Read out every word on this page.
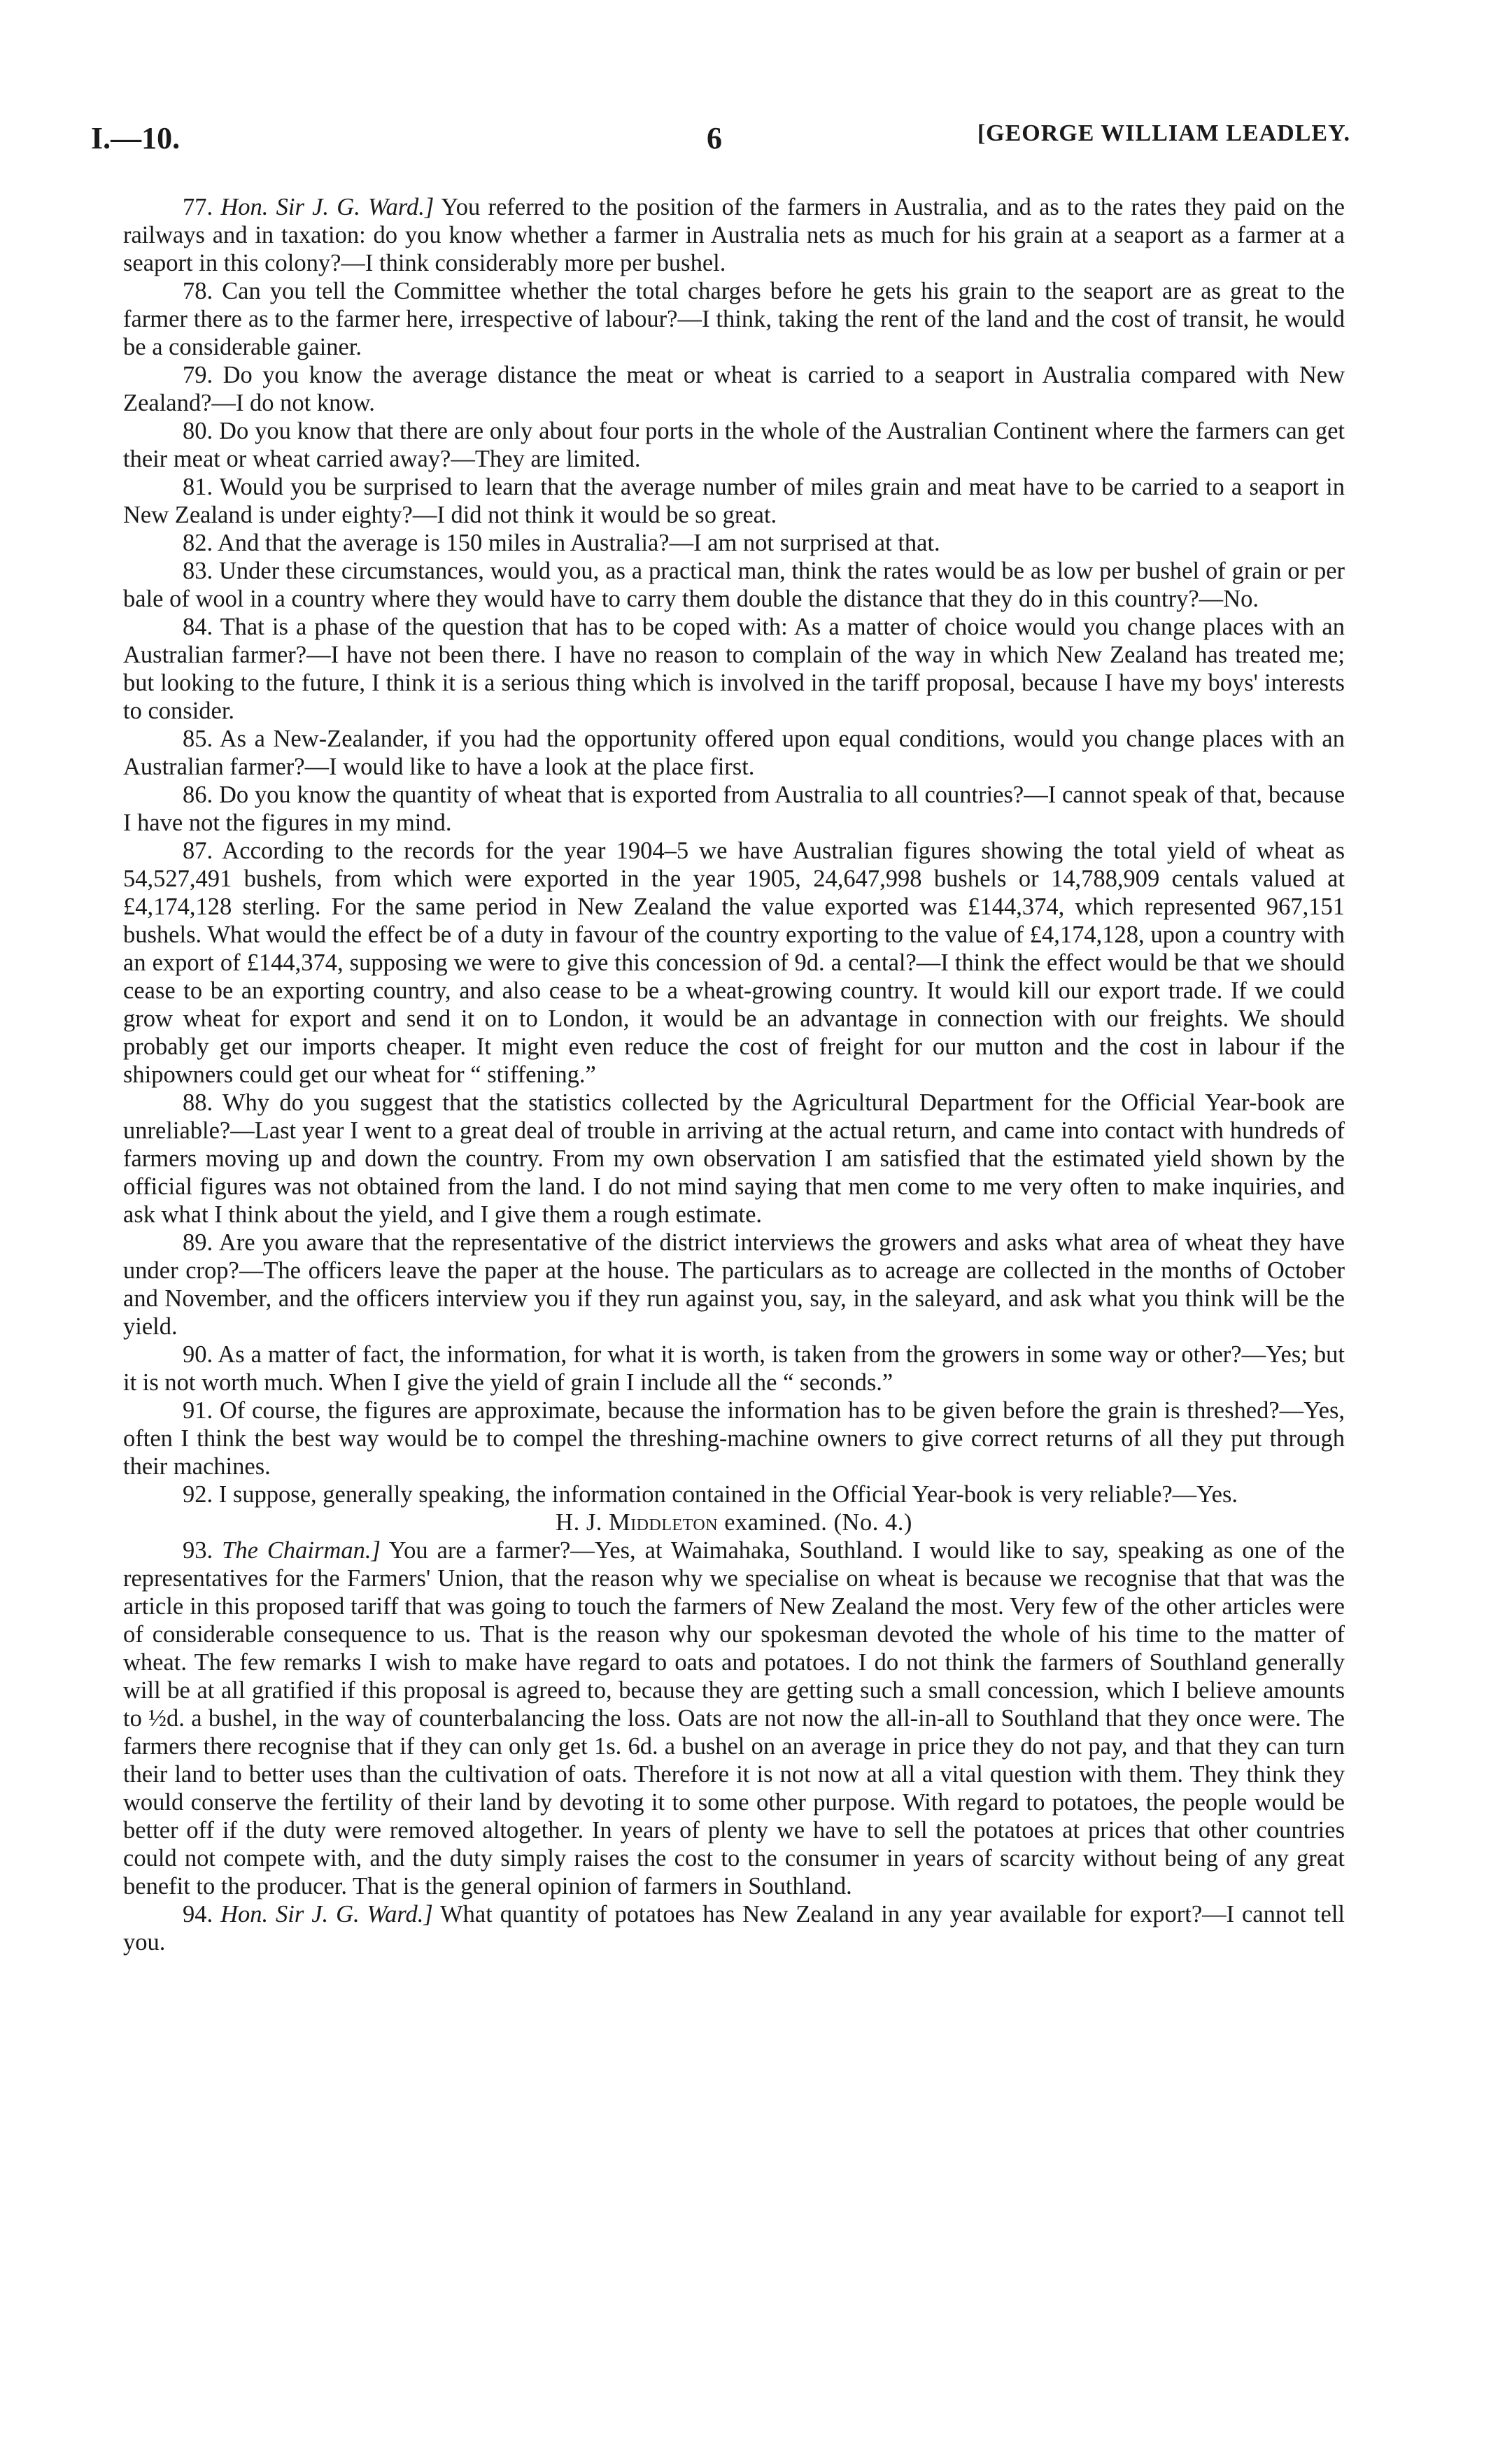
I.—10.	6	[GEORGE WILLIAM LEADLEY.

77. Hon. Sir J. G. Ward.] You referred to the position of the farmers in Australia, and as to the rates they paid on the railways and in taxation: do you know whether a farmer in Australia nets as much for his grain at a seaport as a farmer at a seaport in this colony?—I think considerably more per bushel.

78. Can you tell the Committee whether the total charges before he gets his grain to the seaport are as great to the farmer there as to the farmer here, irrespective of labour?—I think, taking the rent of the land and the cost of transit, he would be a considerable gainer.

79. Do you know the average distance the meat or wheat is carried to a seaport in Australia compared with New Zealand?—I do not know.

80. Do you know that there are only about four ports in the whole of the Australian Continent where the farmers can get their meat or wheat carried away?—They are limited.

81. Would you be surprised to learn that the average number of miles grain and meat have to be carried to a seaport in New Zealand is under eighty?—I did not think it would be so great.

82. And that the average is 150 miles in Australia?—I am not surprised at that.

83. Under these circumstances, would you, as a practical man, think the rates would be as low per bushel of grain or per bale of wool in a country where they would have to carry them double the distance that they do in this country?—No.

84. That is a phase of the question that has to be coped with: As a matter of choice would you change places with an Australian farmer?—I have not been there. I have no reason to complain of the way in which New Zealand has treated me; but looking to the future, I think it is a serious thing which is involved in the tariff proposal, because I have my boys' interests to consider.

85. As a New-Zealander, if you had the opportunity offered upon equal conditions, would you change places with an Australian farmer?—I would like to have a look at the place first.

86. Do you know the quantity of wheat that is exported from Australia to all countries?—I cannot speak of that, because I have not the figures in my mind.

87. According to the records for the year 1904–5 we have Australian figures showing the total yield of wheat as 54,527,491 bushels, from which were exported in the year 1905, 24,647,998 bushels or 14,788,909 centals valued at £4,174,128 sterling. For the same period in New Zealand the value exported was £144,374, which represented 967,151 bushels. What would the effect be of a duty in favour of the country exporting to the value of £4,174,128, upon a country with an export of £144,374, supposing we were to give this concession of 9d. a cental?—I think the effect would be that we should cease to be an exporting country, and also cease to be a wheat-growing country. It would kill our export trade. If we could grow wheat for export and send it on to London, it would be an advantage in connection with our freights. We should probably get our imports cheaper. It might even reduce the cost of freight for our mutton and the cost in labour if the shipowners could get our wheat for “ stiffening.”

88. Why do you suggest that the statistics collected by the Agricultural Department for the Official Year-book are unreliable?—Last year I went to a great deal of trouble in arriving at the actual return, and came into contact with hundreds of farmers moving up and down the country. From my own observation I am satisfied that the estimated yield shown by the official figures was not obtained from the land. I do not mind saying that men come to me very often to make inquiries, and ask what I think about the yield, and I give them a rough estimate.

89. Are you aware that the representative of the district interviews the growers and asks what area of wheat they have under crop?—The officers leave the paper at the house. The particulars as to acreage are collected in the months of October and November, and the officers interview you if they run against you, say, in the saleyard, and ask what you think will be the yield.

90. As a matter of fact, the information, for what it is worth, is taken from the growers in some way or other?—Yes; but it is not worth much. When I give the yield of grain I include all the “ seconds.”

91. Of course, the figures are approximate, because the information has to be given before the grain is threshed?—Yes, often I think the best way would be to compel the threshing-machine owners to give correct returns of all they put through their machines.

92. I suppose, generally speaking, the information contained in the Official Year-book is very reliable?—Yes.

H. J. Middleton examined. (No. 4.)

93. The Chairman.] You are a farmer?—Yes, at Waimahaka, Southland. I would like to say, speaking as one of the representatives for the Farmers' Union, that the reason why we specialise on wheat is because we recognise that that was the article in this proposed tariff that was going to touch the farmers of New Zealand the most. Very few of the other articles were of considerable consequence to us. That is the reason why our spokesman devoted the whole of his time to the matter of wheat. The few remarks I wish to make have regard to oats and potatoes. I do not think the farmers of Southland generally will be at all gratified if this proposal is agreed to, because they are getting such a small concession, which I believe amounts to ½d. a bushel, in the way of counterbalancing the loss. Oats are not now the all-in-all to Southland that they once were. The farmers there recognise that if they can only get 1s. 6d. a bushel on an average in price they do not pay, and that they can turn their land to better uses than the cultivation of oats. Therefore it is not now at all a vital question with them. They think they would conserve the fertility of their land by devoting it to some other purpose. With regard to potatoes, the people would be better off if the duty were removed altogether. In years of plenty we have to sell the potatoes at prices that other countries could not compete with, and the duty simply raises the cost to the consumer in years of scarcity without being of any great benefit to the producer. That is the general opinion of farmers in Southland.

94. Hon. Sir J. G. Ward.] What quantity of potatoes has New Zealand in any year available for export?—I cannot tell you.
